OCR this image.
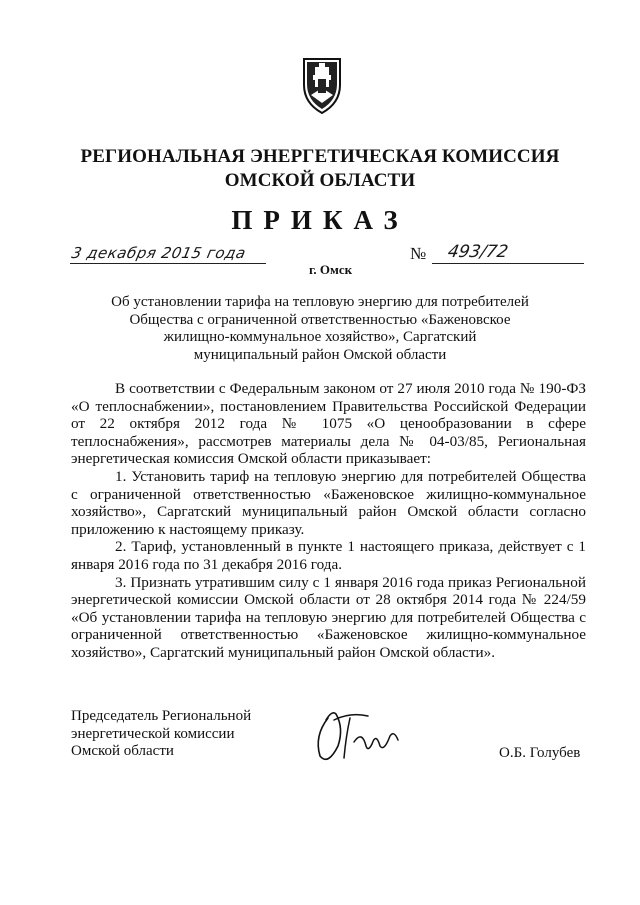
РЕГИОНАЛЬНАЯ ЭНЕРГЕТИЧЕСКАЯ КОМИССИЯ
ОМСКОЙ ОБЛАСТИ
ПРИКАЗ
3 декабря 2015 года	№ 493/72
г. Омск
Об установлении тарифа на тепловую энергию для потребителей
Общества с ограниченной ответственностью «Баженовское
жилищно-коммунальное хозяйство», Саргатский
муниципальный район Омской области

В соответствии с Федеральным законом от 27 июля 2010 года № 190-ФЗ «О теплоснабжении», постановлением Правительства Российской Федерации от 22 октября 2012 года № 1075 «О ценообразовании в сфере теплоснабжения», рассмотрев материалы дела № 04-03/85, Региональная энергетическая комиссия Омской области приказывает:

1. Установить тариф на тепловую энергию для потребителей Общества с ограниченной ответственностью «Баженовское жилищно-коммунальное хозяйство», Саргатский муниципальный район Омской области согласно приложению к настоящему приказу.

2. Тариф, установленный в пункте 1 настоящего приказа, действует с 1 января 2016 года по 31 декабря 2016 года.

3. Признать утратившим силу с 1 января 2016 года приказ Региональной энергетической комиссии Омской области от 28 октября 2014 года № 224/59 «Об установлении тарифа на тепловую энергию для потребителей Общества с ограниченной ответственностью «Баженовское жилищно-коммунальное хозяйство», Саргатский муниципальный район Омской области».

Председатель Региональной
энергетической комиссии
Омской области	О.Б. Голубев
